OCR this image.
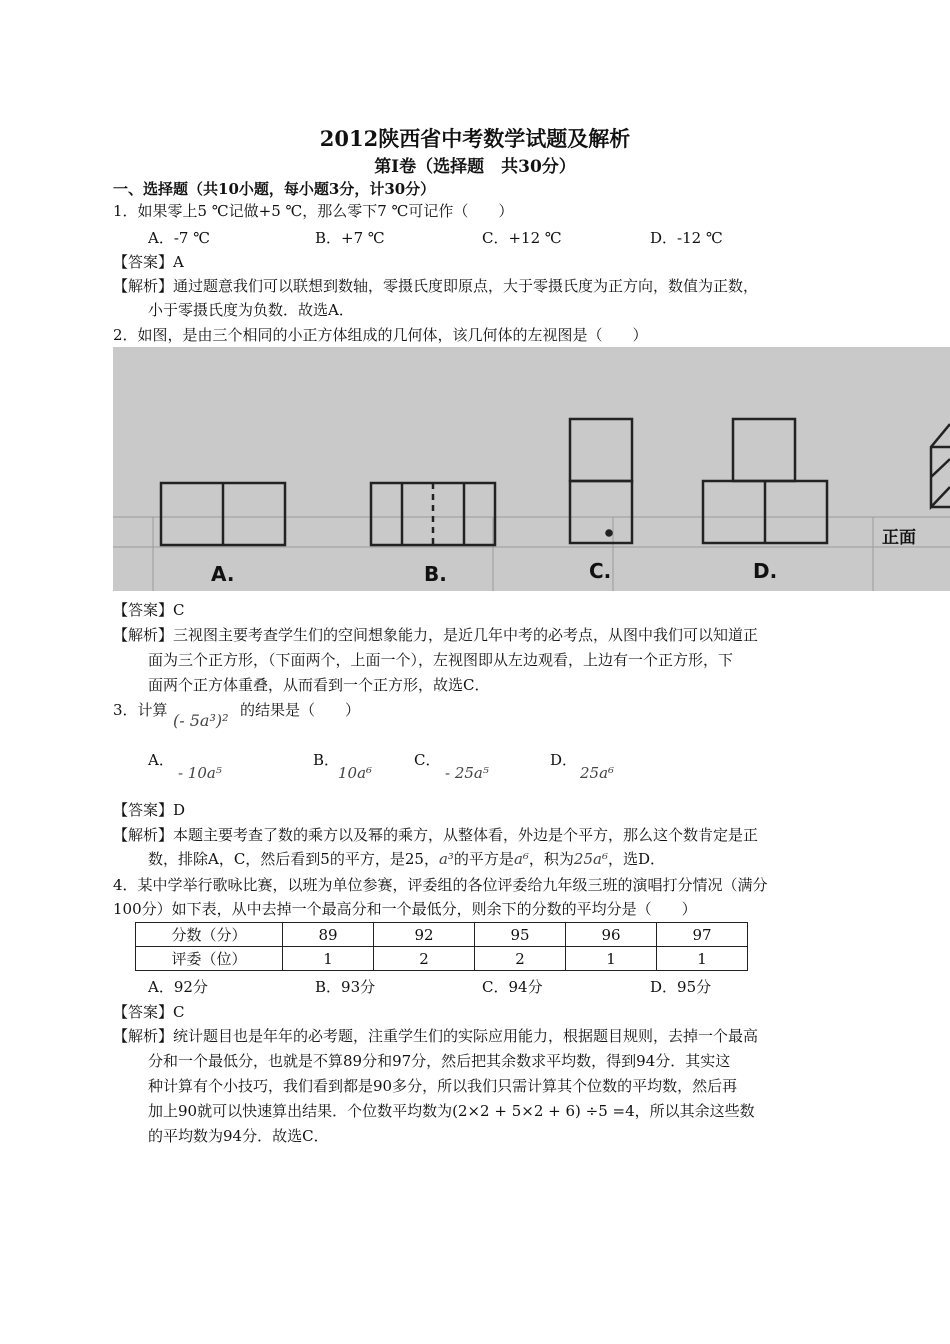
2012陕西省中考数学试题及解析
第Ⅰ卷（选择题　共30分）
一、选择题（共10小题，每小题3分，计30分）
1．如果零上5 ℃记做+5 ℃，那么零下7 ℃可记作（　　）
A．-7 ℃	B．+7 ℃	C．+12 ℃	D．-12 ℃
【答案】A
【解析】通过题意我们可以联想到数轴，零摄氏度即原点，大于零摄氏度为正方向，数值为正数，
小于零摄氏度为负数．故选A．
2．如图，是由三个相同的小正方体组成的几何体，该几何体的左视图是（　　）
A.	B.	C.	D.
正面
【答案】C
【解析】三视图主要考查学生们的空间想象能力，是近几年中考的必考点，从图中我们可以知道正
面为三个正方形，（下面两个，上面一个），左视图即从左边观看，上边有一个正方形，下
面两个正方体重叠，从而看到一个正方形，故选C．
3．计算
(- 5a³)²
的结果是（　　）
A．
- 10a⁵
B．
10a⁶
C．
- 25a⁵
D．
25a⁶
【答案】D
【解析】本题主要考查了数的乘方以及幂的乘方，从整体看，外边是个平方，那么这个数肯定是正
数，排除A，C，然后看到5的平方，是25，a³的平方是a⁶，积为25a⁶，选D．
4．某中学举行歌咏比赛，以班为单位参赛，评委组的各位评委给九年级三班的演唱打分情况（满分
100分）如下表，从中去掉一个最高分和一个最低分，则余下的分数的平均分是（　　）
分数（分）	89	92	95	96	97
评委（位）	1	2	2	1	1
A．92分	B．93分	C．94分	D．95分
【答案】C
【解析】统计题目也是年年的必考题，注重学生们的实际应用能力，根据题目规则，去掉一个最高
分和一个最低分，也就是不算89分和97分，然后把其余数求平均数，得到94分．其实这
种计算有个小技巧，我们看到都是90多分，所以我们只需计算其个位数的平均数，然后再
加上90就可以快速算出结果．个位数平均数为(2×2 + 5×2 + 6) ÷5 =4，所以其余这些数
的平均数为94分．故选C．
